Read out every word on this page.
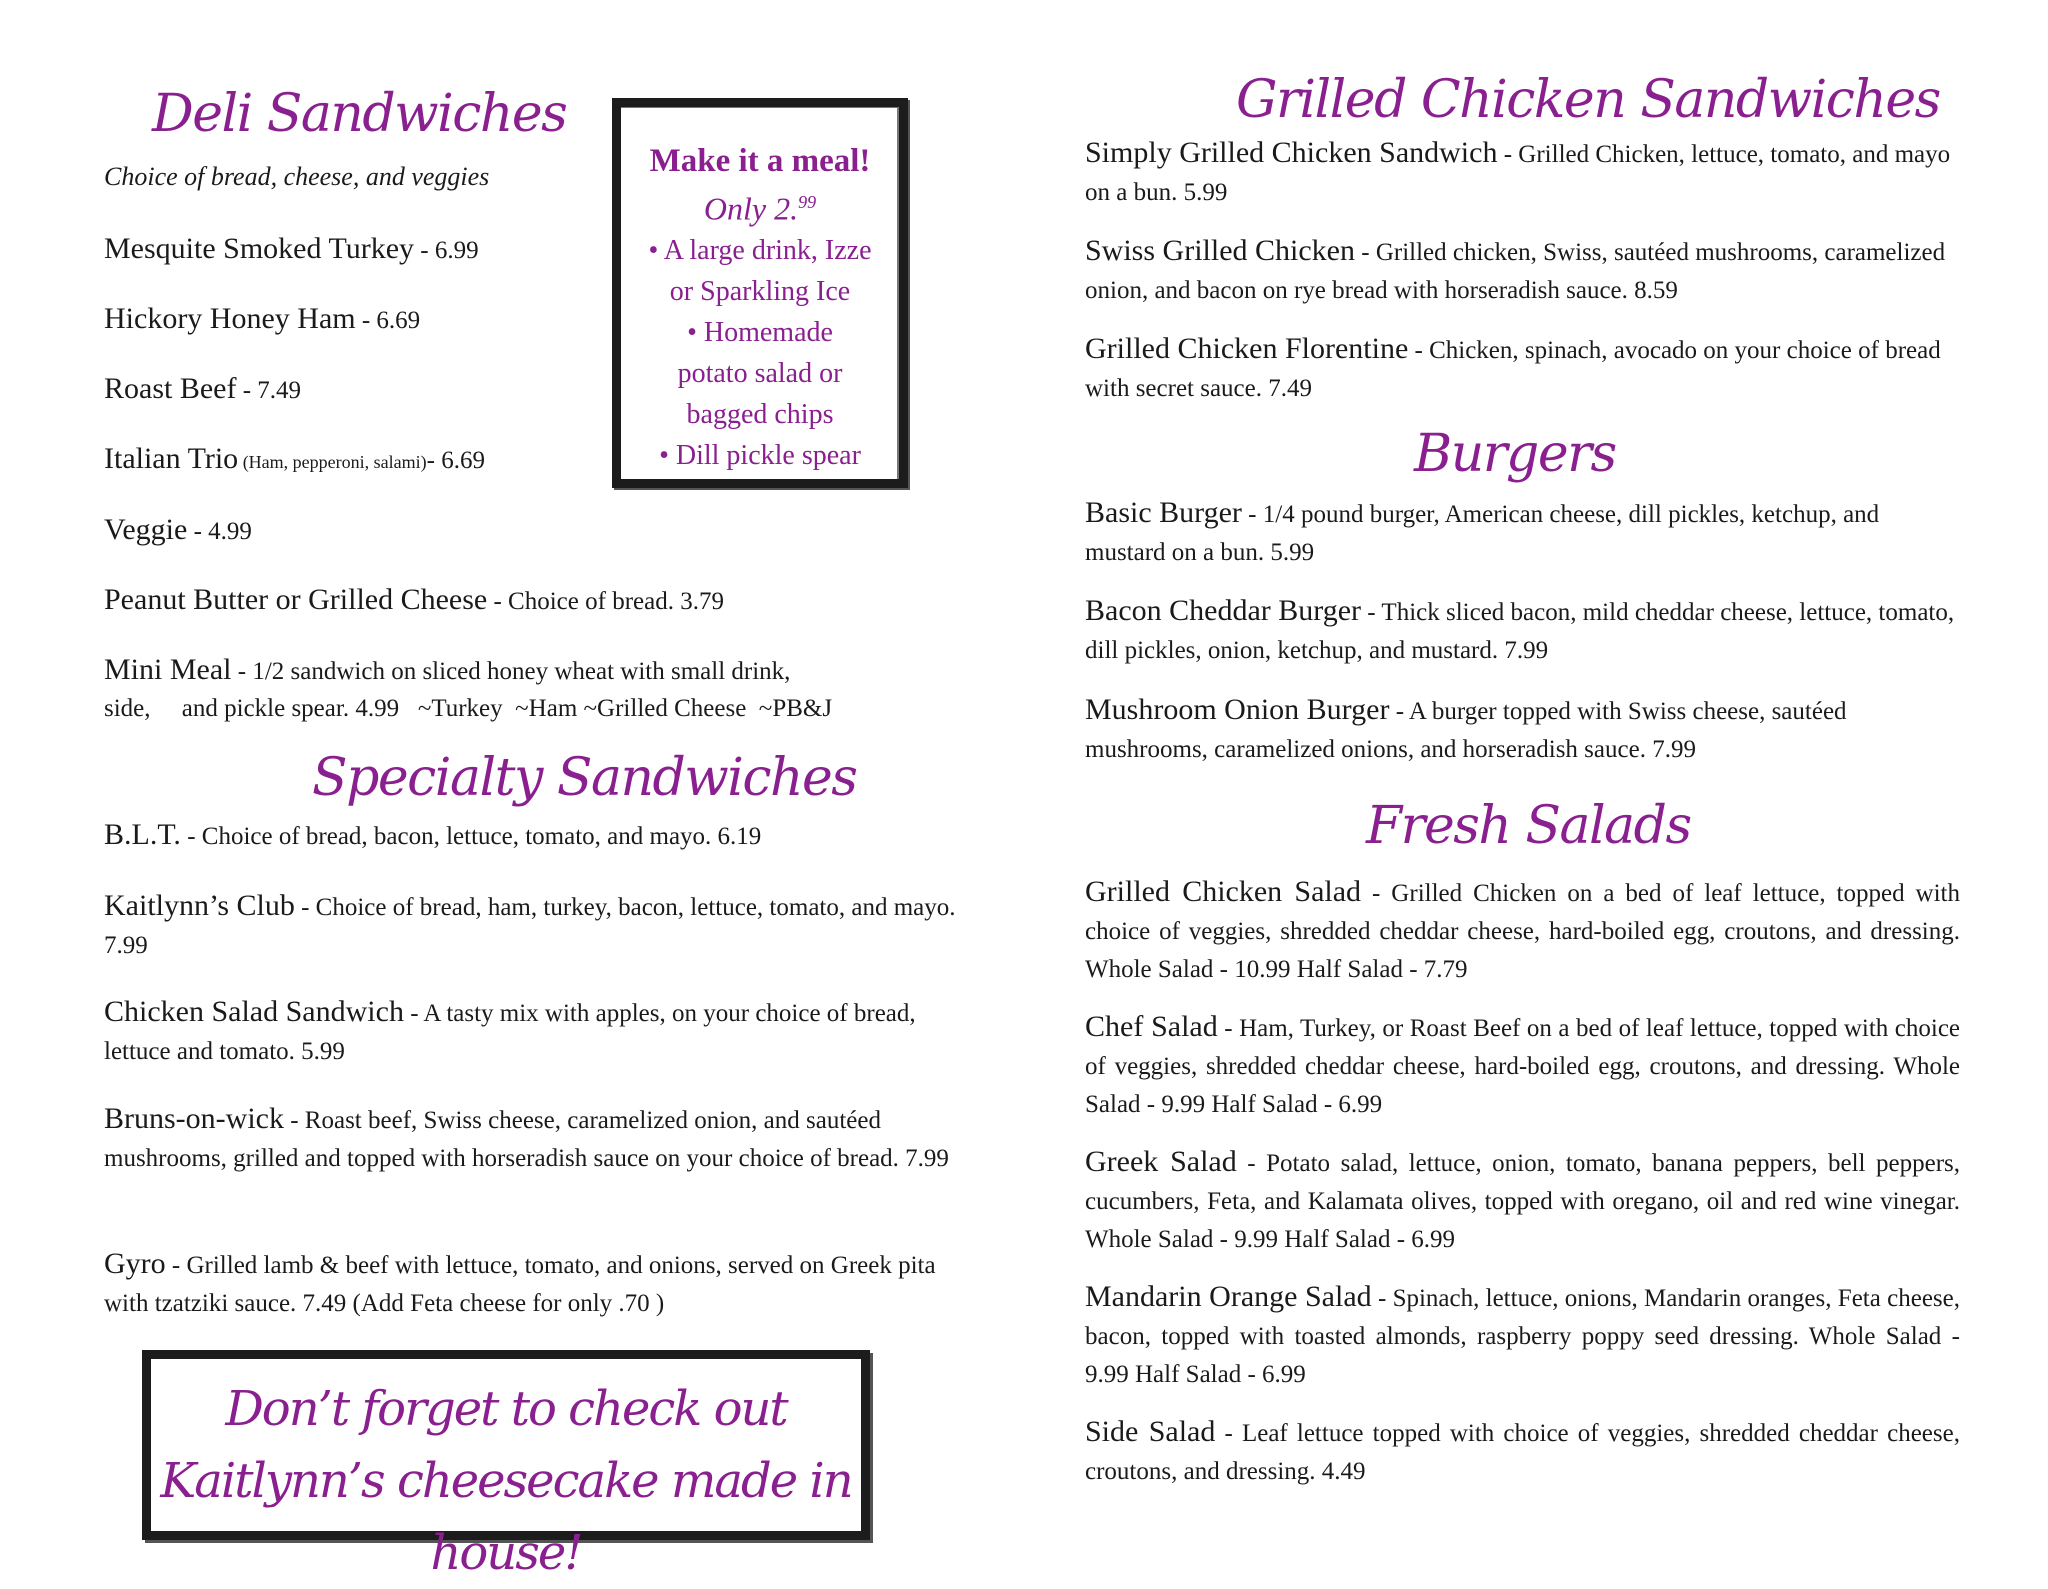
Deli Sandwiches
Choice of bread, cheese, and veggies
Mesquite Smoked Turkey - 6.99
Hickory Honey Ham - 6.69
Roast Beef - 7.49
Italian Trio (Ham, pepperoni, salami)- 6.69
Veggie - 4.99
Peanut Butter or Grilled Cheese - Choice of bread. 3.79
Mini Meal - 1/2 sandwich on sliced honey wheat with small drink,
side,     and pickle spear. 4.99   ~Turkey  ~Ham ~Grilled Cheese  ~PB&J
Make it a meal!
Only 2.99
• A large drink, Izze
or Sparkling Ice
• Homemade
potato salad or
bagged chips
• Dill pickle spear
Specialty Sandwiches
B.L.T. - Choice of bread, bacon, lettuce, tomato, and mayo. 6.19
Kaitlynn’s Club - Choice of bread, ham, turkey, bacon, lettuce, tomato, and mayo. 7.99
Chicken Salad Sandwich - A tasty mix with apples, on your choice of bread, lettuce and tomato. 5.99
Bruns-on-wick - Roast beef, Swiss cheese, caramelized onion, and sautéed mushrooms, grilled and topped with horseradish sauce on your choice of bread. 7.99
Gyro - Grilled lamb & beef with lettuce, tomato, and onions, served on Greek pita with tzatziki sauce. 7.49 (Add Feta cheese for only .70 )
Don’t forget to check out
Kaitlynn’s cheesecake made in house!
Grilled Chicken Sandwiches
Simply Grilled Chicken Sandwich - Grilled Chicken, lettuce, tomato, and mayo on a bun. 5.99
Swiss Grilled Chicken - Grilled chicken, Swiss, sautéed mushrooms, caramelized onion, and bacon on rye bread with horseradish sauce. 8.59
Grilled Chicken Florentine - Chicken, spinach, avocado on your choice of bread with secret sauce. 7.49
Burgers
Basic Burger - 1/4 pound burger, American cheese, dill pickles, ketchup, and mustard on a bun. 5.99
Bacon Cheddar Burger - Thick sliced bacon, mild cheddar cheese, lettuce, tomato, dill pickles, onion, ketchup, and mustard. 7.99
Mushroom Onion Burger - A burger topped with Swiss cheese, sautéed mushrooms, caramelized onions, and horseradish sauce. 7.99
Fresh Salads
Grilled Chicken Salad - Grilled Chicken on a bed of leaf lettuce, topped with choice of veggies, shredded cheddar cheese, hard-boiled egg, croutons, and dressing. Whole Salad - 10.99 Half Salad - 7.79
Chef Salad - Ham, Turkey, or Roast Beef on a bed of leaf lettuce, topped with choice of veggies, shredded cheddar cheese, hard-boiled egg, croutons, and dressing. Whole Salad - 9.99 Half Salad - 6.99
Greek Salad - Potato salad, lettuce, onion, tomato, banana peppers, bell peppers, cucumbers, Feta, and Kalamata olives, topped with oregano, oil and red wine vinegar. Whole Salad - 9.99 Half Salad - 6.99
Mandarin Orange Salad - Spinach, lettuce, onions, Mandarin oranges, Feta cheese, bacon, topped with toasted almonds, raspberry poppy seed dressing. Whole Salad - 9.99 Half Salad - 6.99
Side Salad - Leaf lettuce topped with choice of veggies, shredded cheddar cheese, croutons, and dressing. 4.49
